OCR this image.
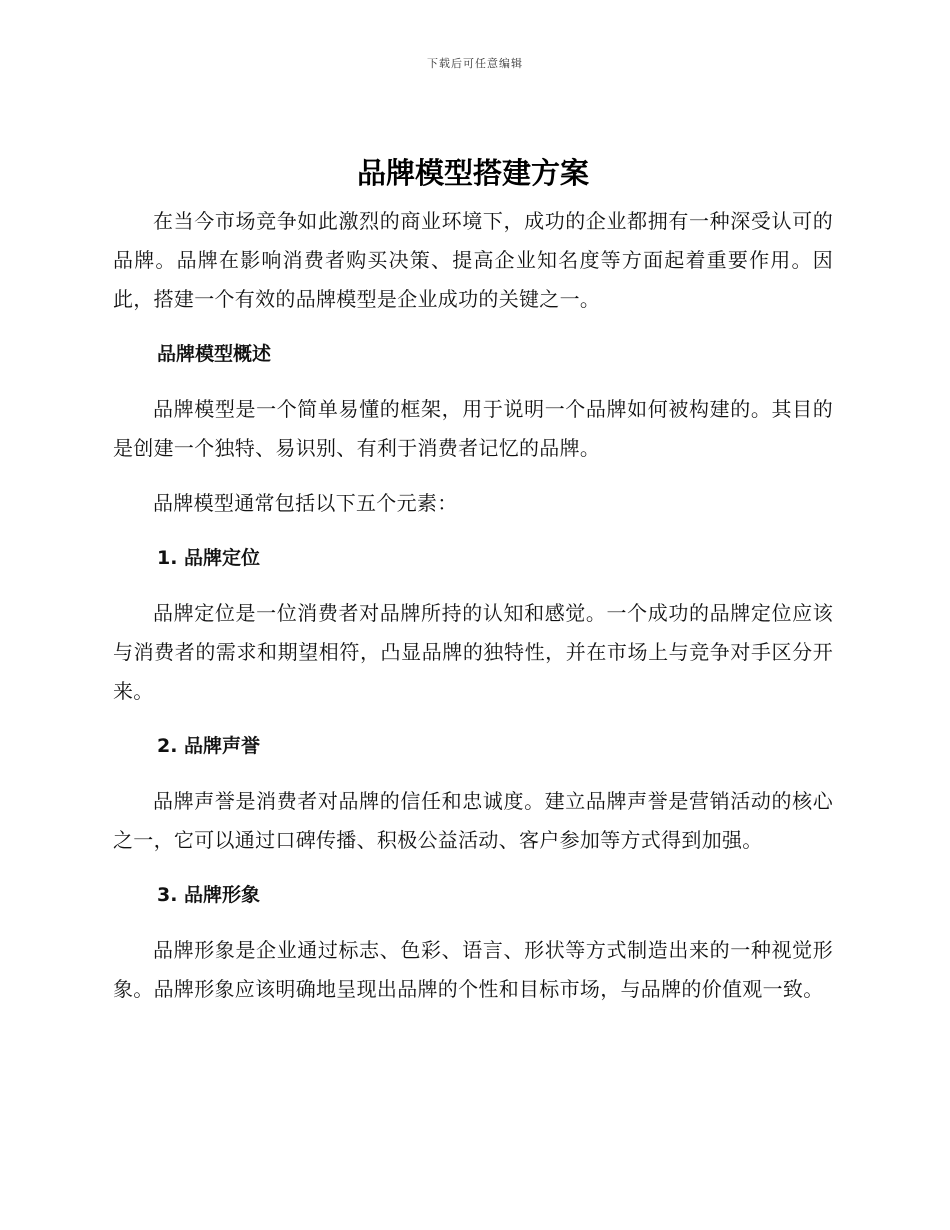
下载后可任意编辑
品牌模型搭建方案

在当今市场竞争如此激烈的商业环境下，成功的企业都拥有一种深受认可的品牌。品牌在影响消费者购买决策、提高企业知名度等方面起着重要作用。因此，搭建一个有效的品牌模型是企业成功的关键之一。

品牌模型概述

品牌模型是一个简单易懂的框架，用于说明一个品牌如何被构建的。其目的是创建一个独特、易识别、有利于消费者记忆的品牌。

品牌模型通常包括以下五个元素：

1. 品牌定位

品牌定位是一位消费者对品牌所持的认知和感觉。一个成功的品牌定位应该与消费者的需求和期望相符，凸显品牌的独特性，并在市场上与竞争对手区分开来。

2. 品牌声誉

品牌声誉是消费者对品牌的信任和忠诚度。建立品牌声誉是营销活动的核心之一，它可以通过口碑传播、积极公益活动、客户参加等方式得到加强。

3. 品牌形象

品牌形象是企业通过标志、色彩、语言、形状等方式制造出来的一种视觉形象。品牌形象应该明确地呈现出品牌的个性和目标市场，与品牌的价值观一致。
